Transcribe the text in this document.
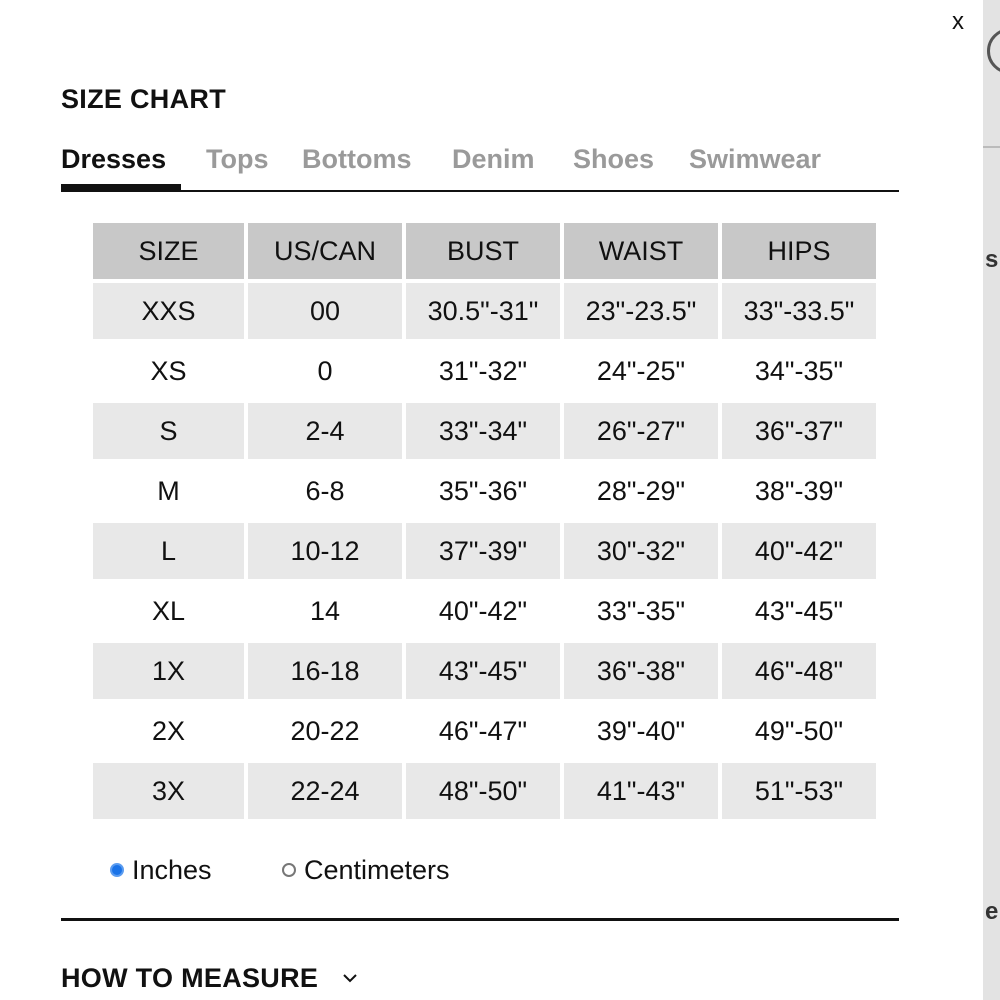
s
e
x
SIZE CHART
Dresses Tops Bottoms Denim Shoes Swimwear
SIZE	US/CAN	BUST	WAIST	HIPS
XXS	00	30.5"-31"	23"-23.5"	33"-33.5"
XS	0	31"-32"	24"-25"	34"-35"
S	2-4	33"-34"	26"-27"	36"-37"
M	6-8	35"-36"	28"-29"	38"-39"
L	10-12	37"-39"	30"-32"	40"-42"
XL	14	40"-42"	33"-35"	43"-45"
1X	16-18	43"-45"	36"-38"	46"-48"
2X	20-22	46"-47"	39"-40"	49"-50"
3X	22-24	48"-50"	41"-43"	51"-53"
Inches	Centimeters
HOW TO MEASURE
